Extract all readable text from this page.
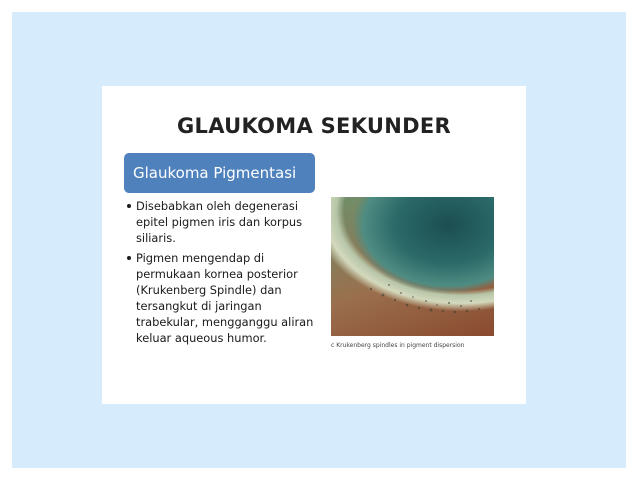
GLAUKOMA SEKUNDER
Glaukoma Pigmentasi
Disebabkan oleh degenerasi epitel pigmen iris dan korpus siliaris.
Pigmen mengendap di permukaan kornea posterior (Krukenberg Spindle) dan tersangkut di jaringan trabekular, mengganggu aliran keluar aqueous humor.
c Krukenberg spindles in pigment dispersion
